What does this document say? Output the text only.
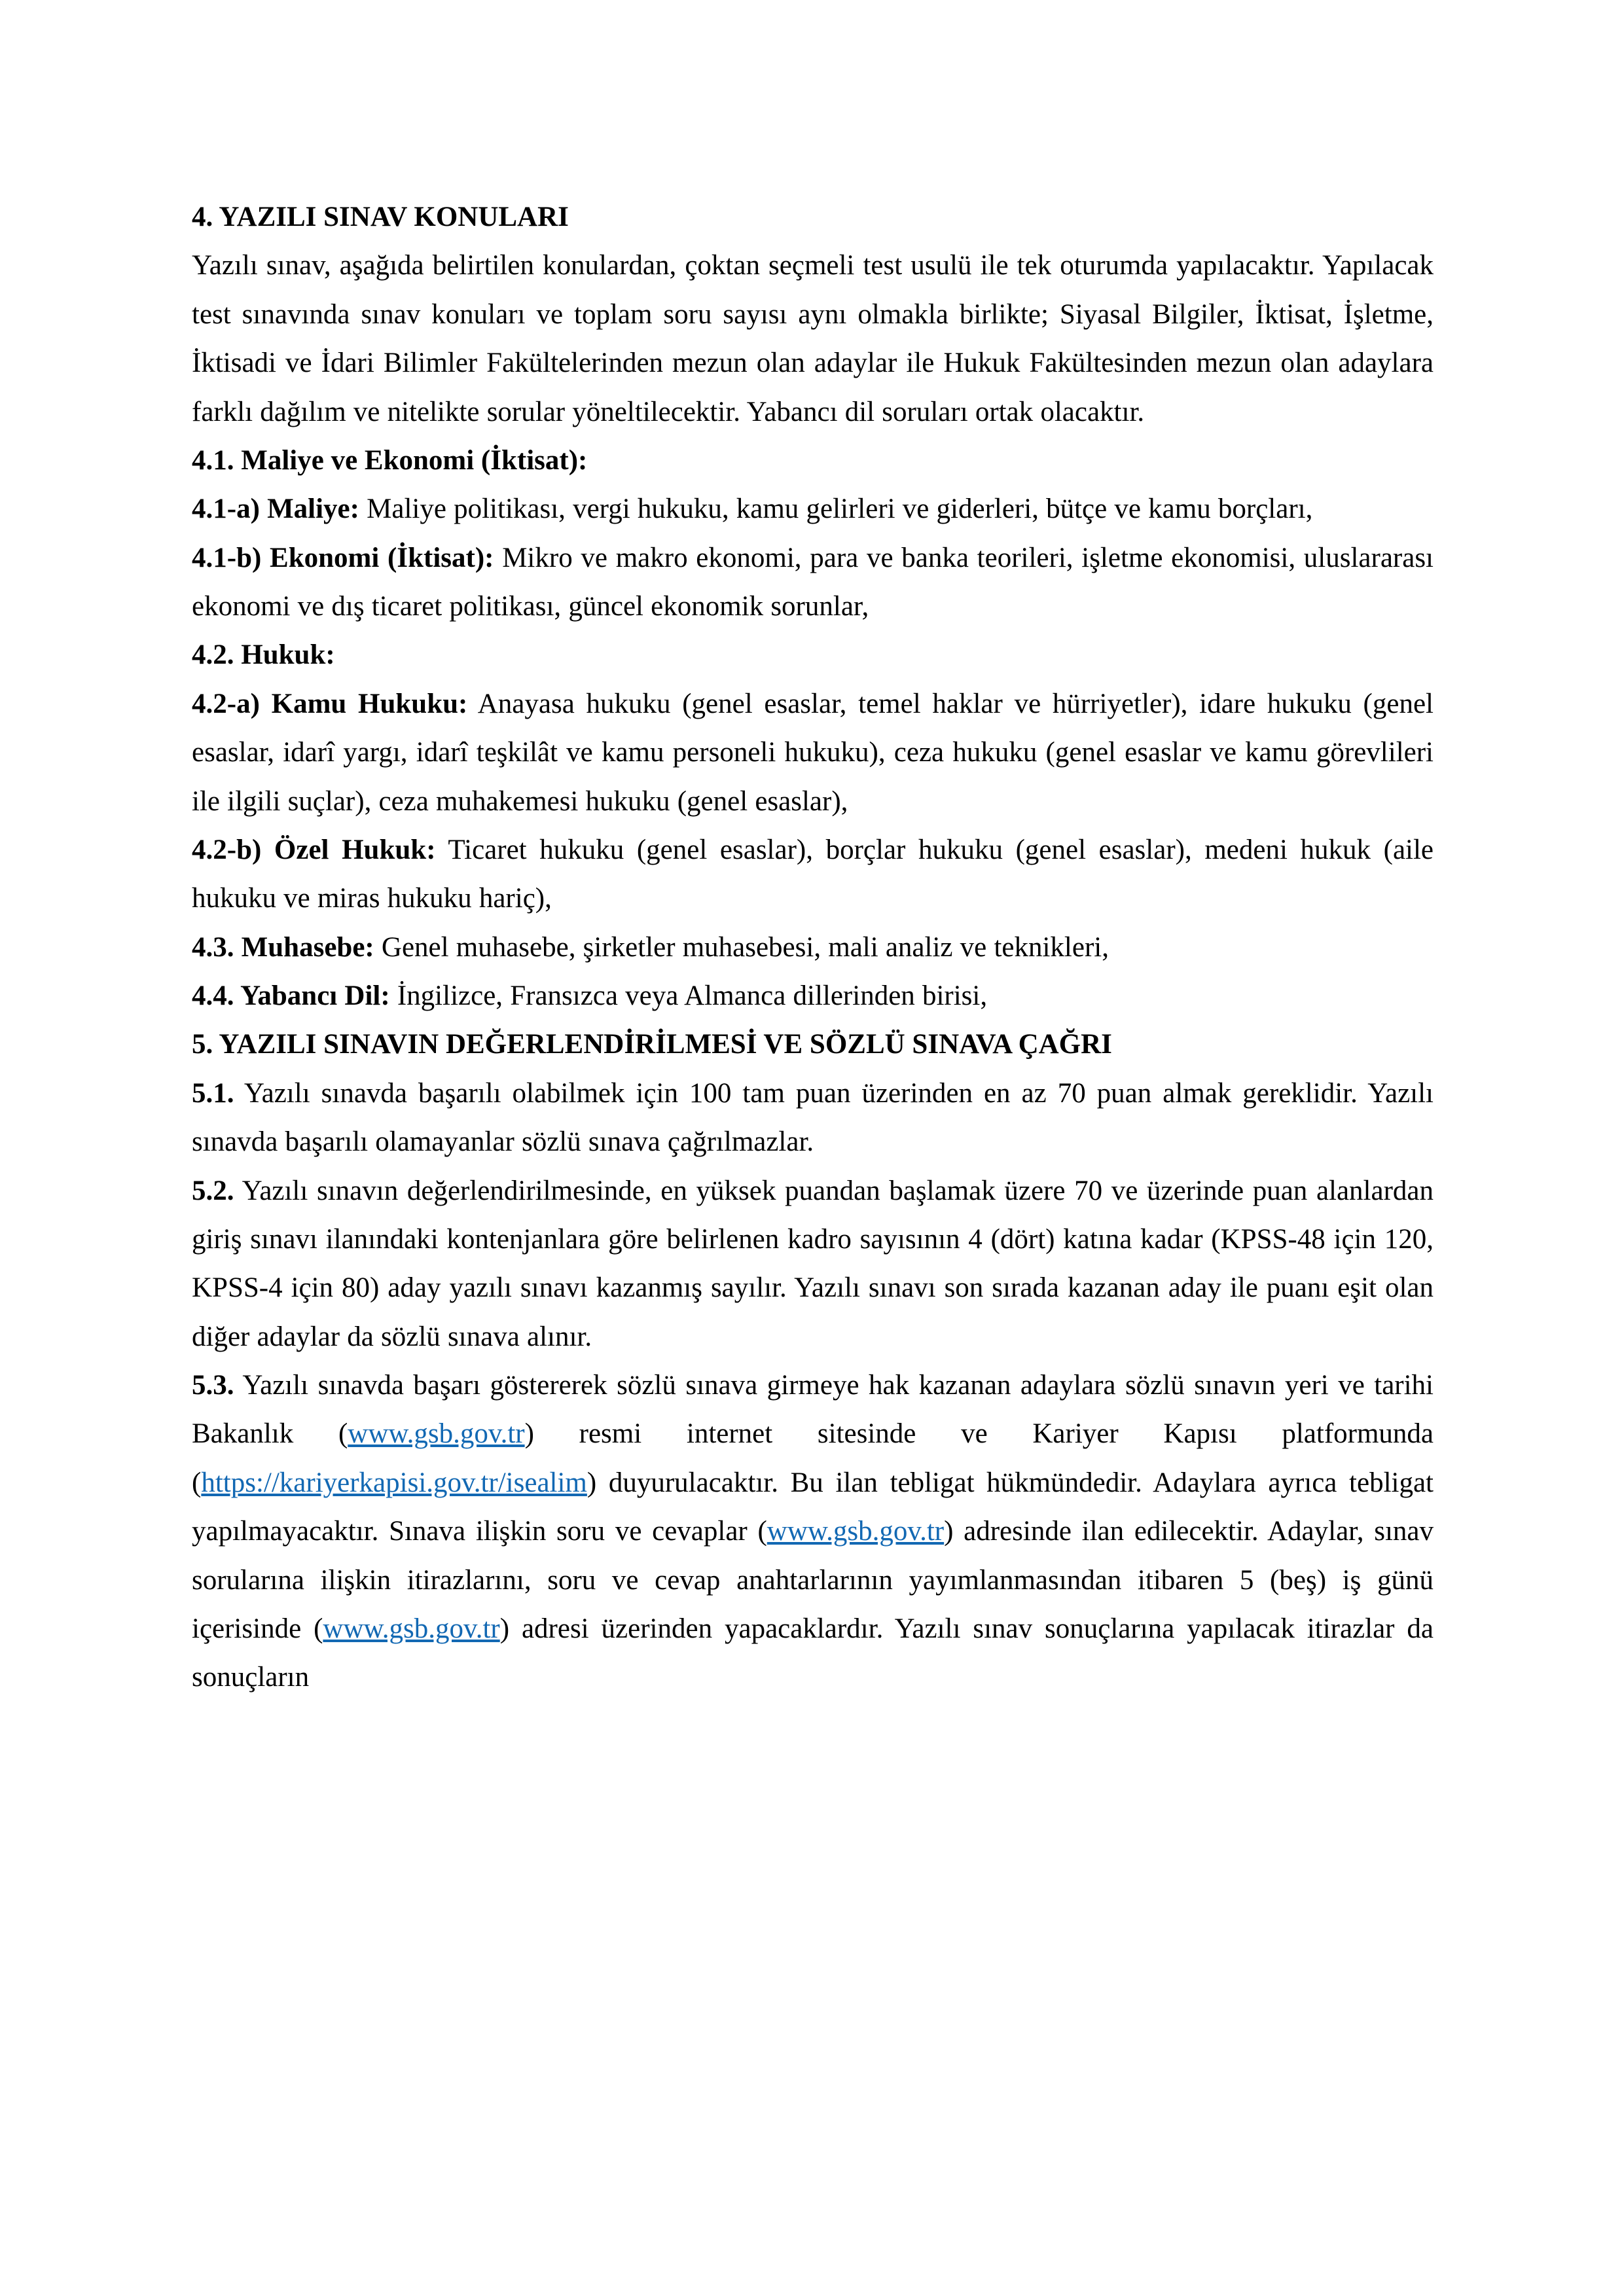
4. YAZILI SINAV KONULARI

Yazılı sınav, aşağıda belirtilen konulardan, çoktan seçmeli test usulü ile tek oturumda yapılacaktır. Yapılacak test sınavında sınav konuları ve toplam soru sayısı aynı olmakla birlikte; Siyasal Bilgiler, İktisat, İşletme, İktisadi ve İdari Bilimler Fakültelerinden mezun olan adaylar ile Hukuk Fakültesinden mezun olan adaylara farklı dağılım ve nitelikte sorular yöneltilecektir. Yabancı dil soruları ortak olacaktır.

4.1. Maliye ve Ekonomi (İktisat):

4.1-a) Maliye: Maliye politikası, vergi hukuku, kamu gelirleri ve giderleri, bütçe ve kamu borçları,

4.1-b) Ekonomi (İktisat): Mikro ve makro ekonomi, para ve banka teorileri, işletme ekonomisi, uluslararası ekonomi ve dış ticaret politikası, güncel ekonomik sorunlar,

4.2. Hukuk:

4.2-a) Kamu Hukuku: Anayasa hukuku (genel esaslar, temel haklar ve hürriyetler), idare hukuku (genel esaslar, idarî yargı, idarî teşkilât ve kamu personeli hukuku), ceza hukuku (genel esaslar ve kamu görevlileri ile ilgili suçlar), ceza muhakemesi hukuku (genel esaslar),

4.2-b) Özel Hukuk: Ticaret hukuku (genel esaslar), borçlar hukuku (genel esaslar), medeni hukuk (aile hukuku ve miras hukuku hariç),

4.3. Muhasebe: Genel muhasebe, şirketler muhasebesi, mali analiz ve teknikleri,

4.4. Yabancı Dil: İngilizce, Fransızca veya Almanca dillerinden birisi,

5. YAZILI SINAVIN DEĞERLENDİRİLMESİ VE SÖZLÜ SINAVA ÇAĞRI

5.1. Yazılı sınavda başarılı olabilmek için 100 tam puan üzerinden en az 70 puan almak gereklidir. Yazılı sınavda başarılı olamayanlar sözlü sınava çağrılmazlar.

5.2. Yazılı sınavın değerlendirilmesinde, en yüksek puandan başlamak üzere 70 ve üzerinde puan alanlardan giriş sınavı ilanındaki kontenjanlara göre belirlenen kadro sayısının 4 (dört) katına kadar (KPSS-48 için 120, KPSS-4 için 80) aday yazılı sınavı kazanmış sayılır. Yazılı sınavı son sırada kazanan aday ile puanı eşit olan diğer adaylar da sözlü sınava alınır.

5.3. Yazılı sınavda başarı göstererek sözlü sınava girmeye hak kazanan adaylara sözlü sınavın yeri ve tarihi Bakanlık (www.gsb.gov.tr) resmi internet sitesinde ve Kariyer Kapısı platformunda (https://kariyerkapisi.gov.tr/isealim) duyurulacaktır. Bu ilan tebligat hükmündedir. Adaylara ayrıca tebligat yapılmayacaktır. Sınava ilişkin soru ve cevaplar (www.gsb.gov.tr) adresinde ilan edilecektir. Adaylar, sınav sorularına ilişkin itirazlarını, soru ve cevap anahtarlarının yayımlanmasından itibaren 5 (beş) iş günü içerisinde (www.gsb.gov.tr) adresi üzerinden yapacaklardır. Yazılı sınav sonuçlarına yapılacak itirazlar da sonuçların
